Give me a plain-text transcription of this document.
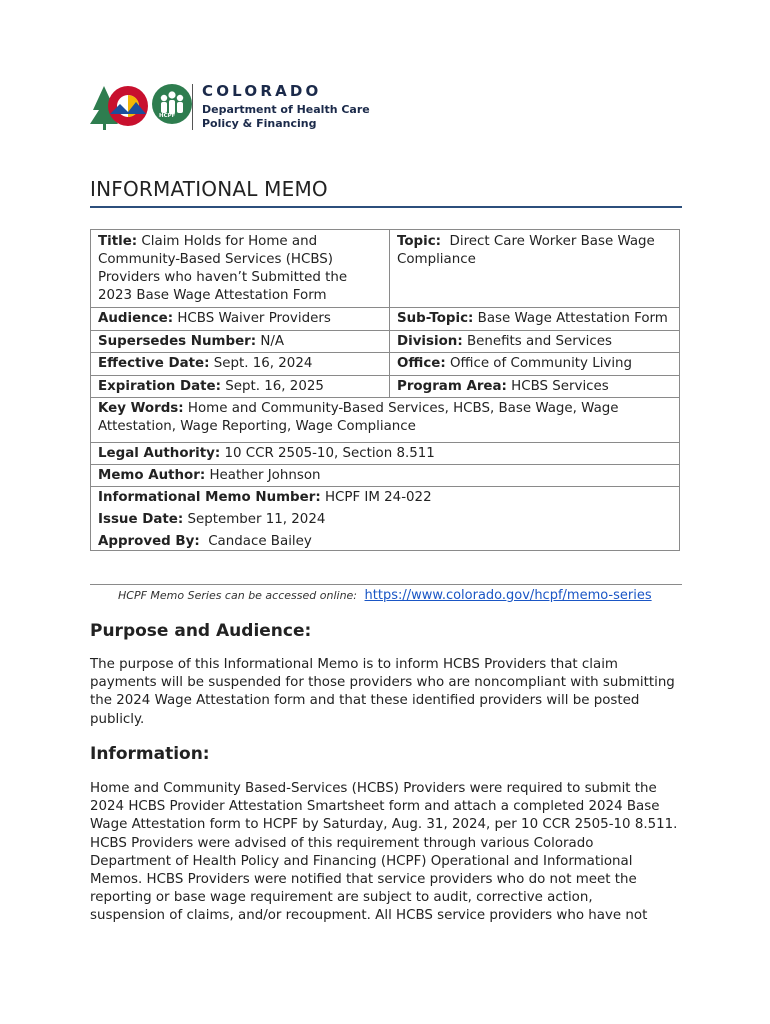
HCPF
COLORADO
Department of Health Care
Policy & Financing
INFORMATIONAL MEMO
Title: Claim Holds for Home and
Community-Based Services (HCBS)
Providers who haven’t Submitted the
2023 Base Wage Attestation Form
Topic: Direct Care Worker Base Wage
Compliance
Audience: HCBS Waiver Providers	Sub-Topic: Base Wage Attestation Form
Supersedes Number: N/A	Division: Benefits and Services
Effective Date: Sept. 16, 2024	Office: Office of Community Living
Expiration Date: Sept. 16, 2025	Program Area: HCBS Services
Key Words: Home and Community-Based Services, HCBS, Base Wage, Wage
Attestation, Wage Reporting, Wage Compliance
Legal Authority: 10 CCR 2505-10, Section 8.511
Memo Author: Heather Johnson
Informational Memo Number: HCPF IM 24-022
Issue Date: September 11, 2024
Approved By: Candace Bailey
HCPF Memo Series can be accessed online: https://www.colorado.gov/hcpf/memo-series
Purpose and Audience:
The purpose of this Informational Memo is to inform HCBS Providers that claim
payments will be suspended for those providers who are noncompliant with submitting
the 2024 Wage Attestation form and that these identified providers will be posted
publicly.
Information:
Home and Community Based-Services (HCBS) Providers were required to submit the
2024 HCBS Provider Attestation Smartsheet form and attach a completed 2024 Base
Wage Attestation form to HCPF by Saturday, Aug. 31, 2024, per 10 CCR 2505-10 8.511.
HCBS Providers were advised of this requirement through various Colorado
Department of Health Policy and Financing (HCPF) Operational and Informational
Memos. HCBS Providers were notified that service providers who do not meet the
reporting or base wage requirement are subject to audit, corrective action,
suspension of claims, and/or recoupment. All HCBS service providers who have not
